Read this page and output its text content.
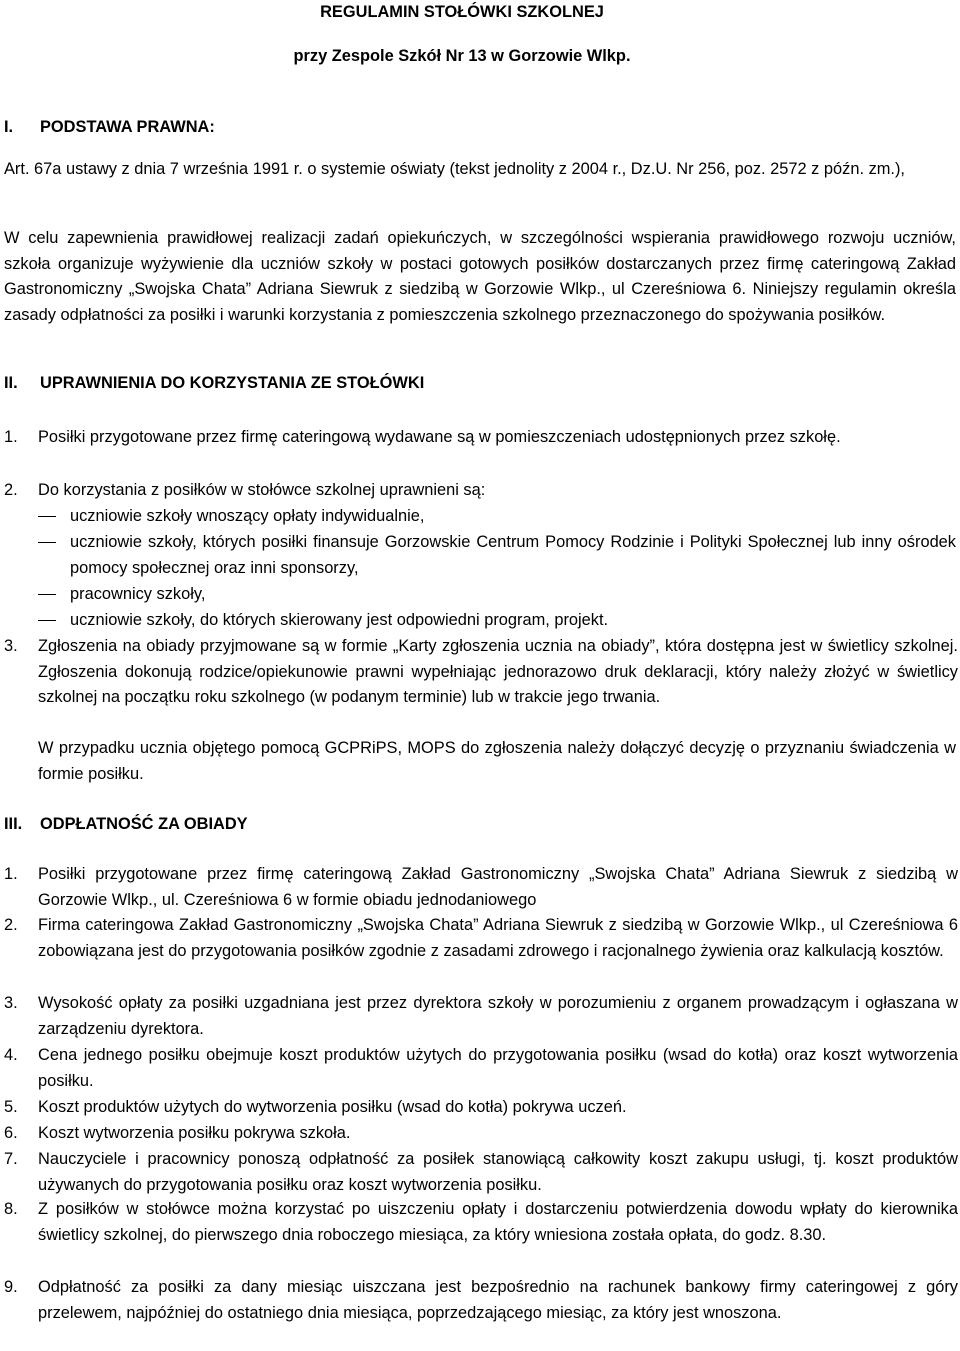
REGULAMIN STOŁÓWKI SZKOLNEJ
przy Zespole Szkół Nr 13 w Gorzowie Wlkp.
I. PODSTAWA PRAWNA:
Art. 67a ustawy z dnia 7 września 1991 r. o systemie oświaty (tekst jednolity z 2004 r., Dz.U. Nr 256, poz. 2572 z późn. zm.),
W celu zapewnienia prawidłowej realizacji zadań opiekuńczych, w szczególności wspierania prawidłowego rozwoju uczniów, szkoła organizuje wyżywienie dla uczniów szkoły w postaci gotowych posiłków dostarczanych przez firmę cateringową Zakład Gastronomiczny „Swojska Chata” Adriana Siewruk z siedzibą w Gorzowie Wlkp., ul Czereśniowa 6. Niniejszy regulamin określa zasady odpłatności za posiłki i warunki korzystania z pomieszczenia szkolnego przeznaczonego do spożywania posiłków.
II. UPRAWNIENIA DO KORZYSTANIA ZE STOŁÓWKI
1. Posiłki przygotowane przez firmę cateringową wydawane są w pomieszczeniach udostępnionych przez szkołę.
2. Do korzystania z posiłków w stołówce szkolnej uprawnieni są:
uczniowie szkoły wnoszący opłaty indywidualnie,
uczniowie szkoły, których posiłki finansuje Gorzowskie Centrum Pomocy Rodzinie i Polityki Społecznej lub inny ośrodek pomocy społecznej oraz inni sponsorzy,
pracownicy szkoły,
uczniowie szkoły, do których skierowany jest odpowiedni program, projekt.
3. Zgłoszenia na obiady przyjmowane są w formie „Karty zgłoszenia ucznia na obiady”, która dostępna jest w świetlicy szkolnej. Zgłoszenia dokonują rodzice/opiekunowie prawni wypełniając jednorazowo druk deklaracji, który należy złożyć w świetlicy szkolnej na początku roku szkolnego (w podanym terminie) lub w trakcie jego trwania.
W przypadku ucznia objętego pomocą GCPRiPS, MOPS do zgłoszenia należy dołączyć decyzję o przyznaniu świadczenia w formie posiłku.
III. ODPŁATNOŚĆ ZA OBIADY
1. Posiłki przygotowane przez firmę cateringową Zakład Gastronomiczny „Swojska Chata” Adriana Siewruk z siedzibą w Gorzowie Wlkp., ul. Czereśniowa 6 w formie obiadu jednodaniowego
2. Firma cateringowa Zakład Gastronomiczny „Swojska Chata” Adriana Siewruk z siedzibą w Gorzowie Wlkp., ul Czereśniowa 6 zobowiązana jest do przygotowania posiłków zgodnie z zasadami zdrowego i racjonalnego żywienia oraz kalkulacją kosztów.
3. Wysokość opłaty za posiłki uzgadniana jest przez dyrektora szkoły w porozumieniu z organem prowadzącym i ogłaszana w zarządzeniu dyrektora.
4. Cena jednego posiłku obejmuje koszt produktów użytych do przygotowania posiłku (wsad do kotła) oraz koszt wytworzenia posiłku.
5. Koszt produktów użytych do wytworzenia posiłku (wsad do kotła) pokrywa uczeń.
6. Koszt wytworzenia posiłku pokrywa szkoła.
7. Nauczyciele i pracownicy ponoszą odpłatność za posiłek stanowiącą całkowity koszt zakupu usługi, tj. koszt produktów używanych do przygotowania posiłku oraz koszt wytworzenia posiłku.
8. Z posiłków w stołówce można korzystać po uiszczeniu opłaty i dostarczeniu potwierdzenia dowodu wpłaty do kierownika świetlicy szkolnej, do pierwszego dnia roboczego miesiąca, za który wniesiona została opłata, do godz. 8.30.
9. Odpłatność za posiłki za dany miesiąc uiszczana jest bezpośrednio na rachunek bankowy firmy cateringowej z góry przelewem, najpóźniej do ostatniego dnia miesiąca, poprzedzającego miesiąc, za który jest wnoszona.
